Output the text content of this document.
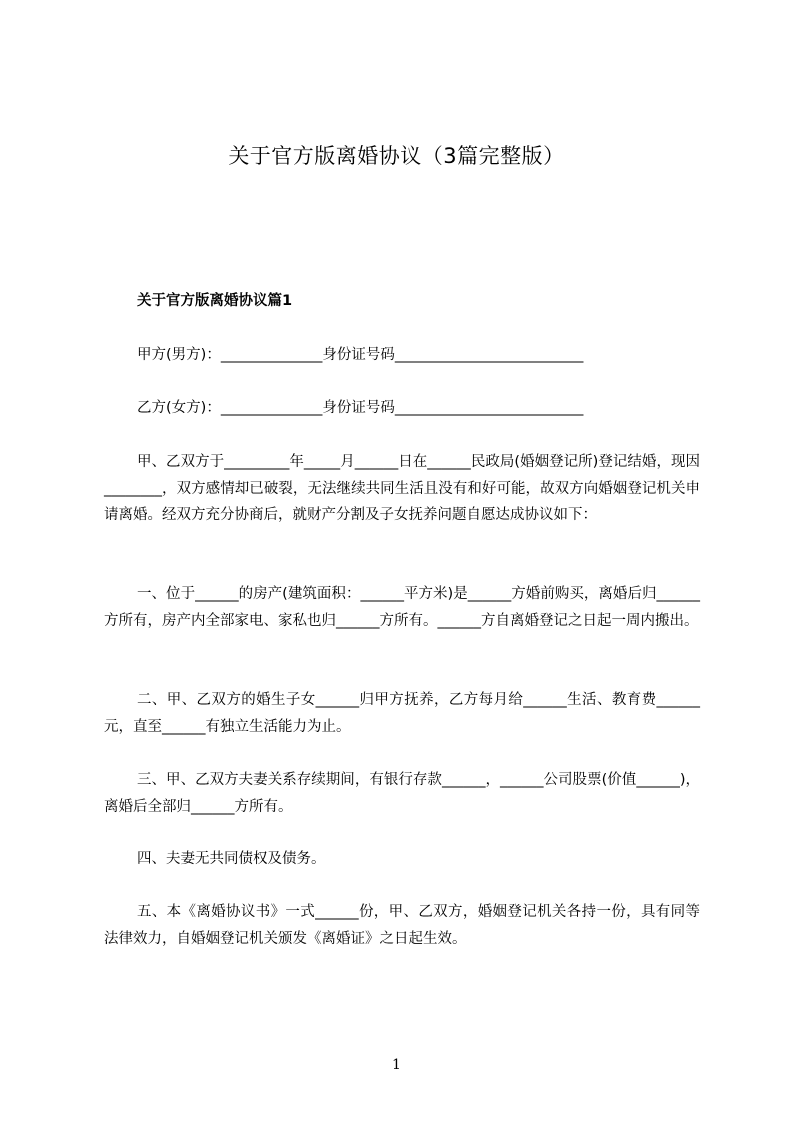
关于官方版离婚协议（3篇完整版）
关于官方版离婚协议篇1
甲方(男方)：______________身份证号码__________________________
乙方(女方)：______________身份证号码__________________________
甲、乙双方于_________年_____月______日在______民政局(婚姻登记所)登记结婚，现因________，双方感情却已破裂，无法继续共同生活且没有和好可能，故双方向婚姻登记机关申请离婚。经双方充分协商后，就财产分割及子女抚养问题自愿达成协议如下：
一、位于______的房产(建筑面积：______平方米)是______方婚前购买，离婚后归______方所有，房产内全部家电、家私也归______方所有。______方自离婚登记之日起一周内搬出。
二、甲、乙双方的婚生子女______归甲方抚养，乙方每月给______生活、教育费______元，直至______有独立生活能力为止。
三、甲、乙双方夫妻关系存续期间，有银行存款______，______公司股票(价值______)，离婚后全部归______方所有。
四、夫妻无共同债权及债务。
五、本《离婚协议书》一式______份，甲、乙双方，婚姻登记机关各持一份，具有同等法律效力，自婚姻登记机关颁发《离婚证》之日起生效。
1
